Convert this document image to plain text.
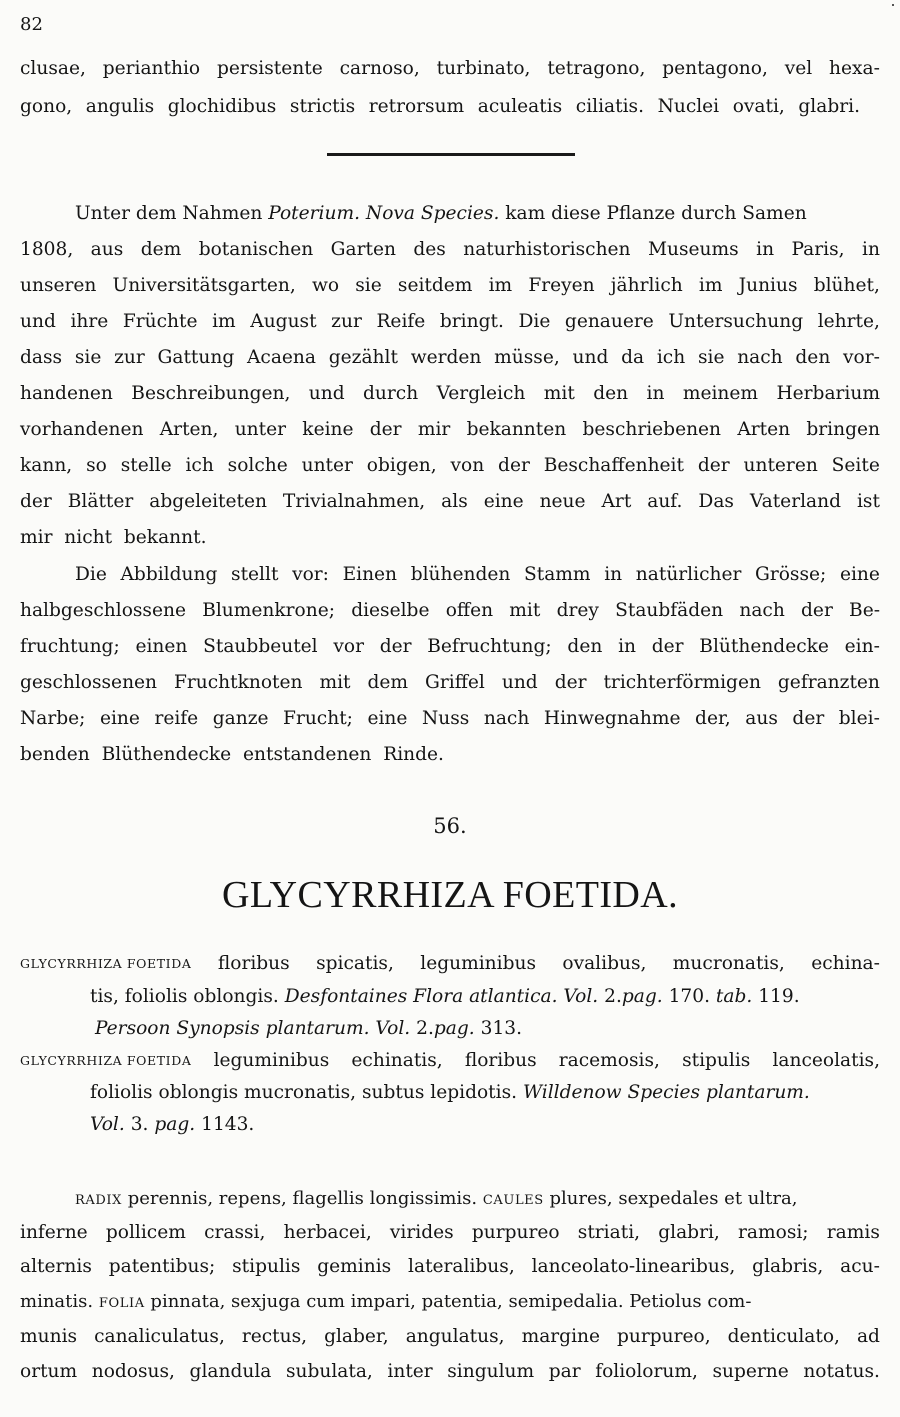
82
clusae, perianthio persistente carnoso, turbinato, tetragono, pentagono, vel hexa-
gono, angulis glochidibus strictis retrorsum aculeatis ciliatis. Nuclei ovati, glabri.
Unter dem Nahmen Poterium. Nova Species. kam diese Pflanze durch Samen
1808, aus dem botanischen Garten des naturhistorischen Museums in Paris, in
unseren Universitätsgarten, wo sie seitdem im Freyen jährlich im Junius blühet,
und ihre Früchte im August zur Reife bringt. Die genauere Untersuchung lehrte,
dass sie zur Gattung Acaena gezählt werden müsse, und da ich sie nach den vor-
handenen Beschreibungen, und durch Vergleich mit den in meinem Herbarium
vorhandenen Arten, unter keine der mir bekannten beschriebenen Arten bringen
kann, so stelle ich solche unter obigen, von der Beschaffenheit der unteren Seite
der Blätter abgeleiteten Trivialnahmen, als eine neue Art auf. Das Vaterland ist
mir  nicht  bekannt.
Die Abbildung stellt vor: Einen blühenden Stamm in natürlicher Grösse; eine
halbgeschlossene Blumenkrone; dieselbe offen mit drey Staubfäden nach der Be-
fruchtung; einen Staubbeutel vor der Befruchtung; den in der Blüthendecke ein-
geschlossenen Fruchtknoten mit dem Griffel und der trichterförmigen gefranzten
Narbe; eine reife ganze Frucht; eine Nuss nach Hinwegnahme der, aus der blei-
benden  Blüthendecke  entstandenen  Rinde.
56.
GLYCYRRHIZA FOETIDA.
GLYCYRRHIZA FOETIDA floribus spicatis, leguminibus ovalibus, mucronatis, echina-
tis, foliolis oblongis. Desfontaines Flora atlantica. Vol. 2.pag. 170. tab. 119.
Persoon Synopsis plantarum. Vol. 2.pag. 313.
GLYCYRRHIZA FOETIDA leguminibus echinatis, floribus racemosis, stipulis lanceolatis,
foliolis oblongis mucronatis, subtus lepidotis. Willdenow Species plantarum.
Vol. 3. pag. 1143.
RADIX perennis, repens, flagellis longissimis. CAULES plures, sexpedales et ultra,
inferne pollicem crassi, herbacei, virides purpureo striati, glabri, ramosi; ramis
alternis patentibus; stipulis geminis lateralibus, lanceolato-linearibus, glabris, acu-
minatis. FOLIA pinnata, sexjuga cum impari, patentia, semipedalia. Petiolus com-
munis canaliculatus, rectus, glaber, angulatus, margine purpureo, denticulato, ad
ortum nodosus, glandula subulata, inter singulum par foliolorum, superne notatus.
